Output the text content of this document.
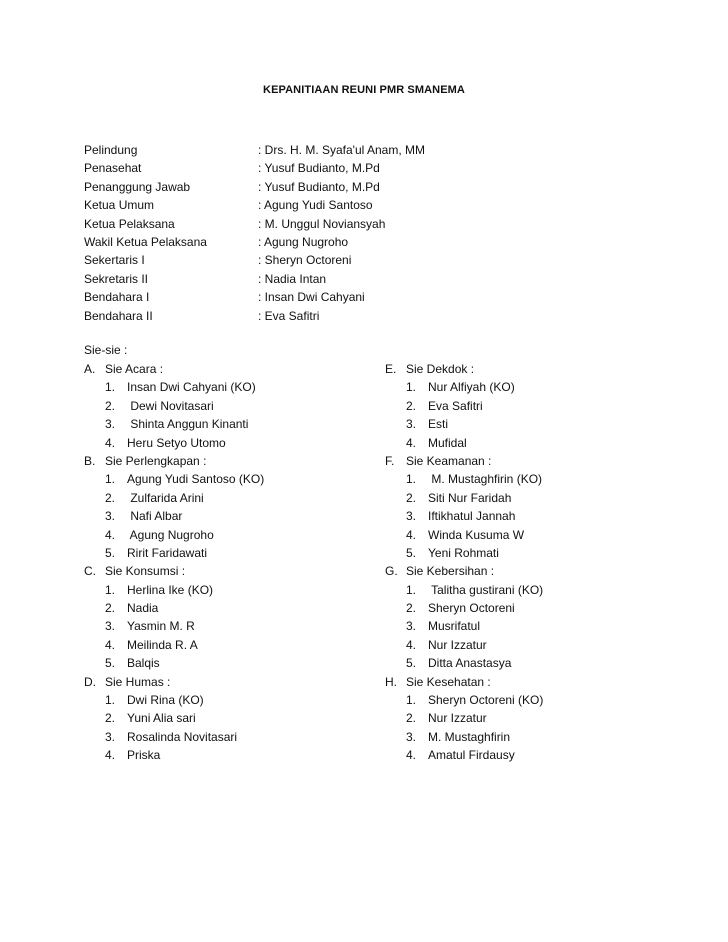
KEPANITIAAN REUNI PMR SMANEMA
Pelindung	: Drs. H. M. Syafa'ul Anam, MM
Penasehat	: Yusuf Budianto, M.Pd
Penanggung Jawab	: Yusuf Budianto, M.Pd
Ketua Umum	: Agung Yudi Santoso
Ketua Pelaksana	: M. Unggul Noviansyah
Wakil Ketua Pelaksana	: Agung Nugroho
Sekertaris I	: Sheryn Octoreni
Sekretaris II	: Nadia Intan
Bendahara I	: Insan Dwi Cahyani
Bendahara II	: Eva Safitri
Sie-sie :
A. Sie Acara :
1. Insan Dwi Cahyani (KO)
2. Dewi Novitasari
3. Shinta Anggun Kinanti
4. Heru Setyo Utomo
B. Sie Perlengkapan :
1. Agung Yudi Santoso (KO)
2. Zulfarida Arini
3. Nafi Albar
4. Agung Nugroho
5. Ririt Faridawati
C. Sie Konsumsi :
1. Herlina Ike (KO)
2. Nadia
3. Yasmin M. R
4. Meilinda R. A
5. Balqis
D. Sie Humas :
1. Dwi Rina (KO)
2. Yuni Alia sari
3. Rosalinda Novitasari
4. Priska
E. Sie Dekdok :
1. Nur Alfiyah (KO)
2. Eva Safitri
3. Esti
4. Mufidal
F. Sie Keamanan :
1. M. Mustaghfirin (KO)
2. Siti Nur Faridah
3. Iftikhatul Jannah
4. Winda Kusuma W
5. Yeni Rohmati
G. Sie Kebersihan :
1. Talitha gustirani (KO)
2. Sheryn Octoreni
3. Musrifatul
4. Nur Izzatur
5. Ditta Anastasya
H. Sie Kesehatan :
1. Sheryn Octoreni (KO)
2. Nur Izzatur
3. M. Mustaghfirin
4. Amatul Firdausy
